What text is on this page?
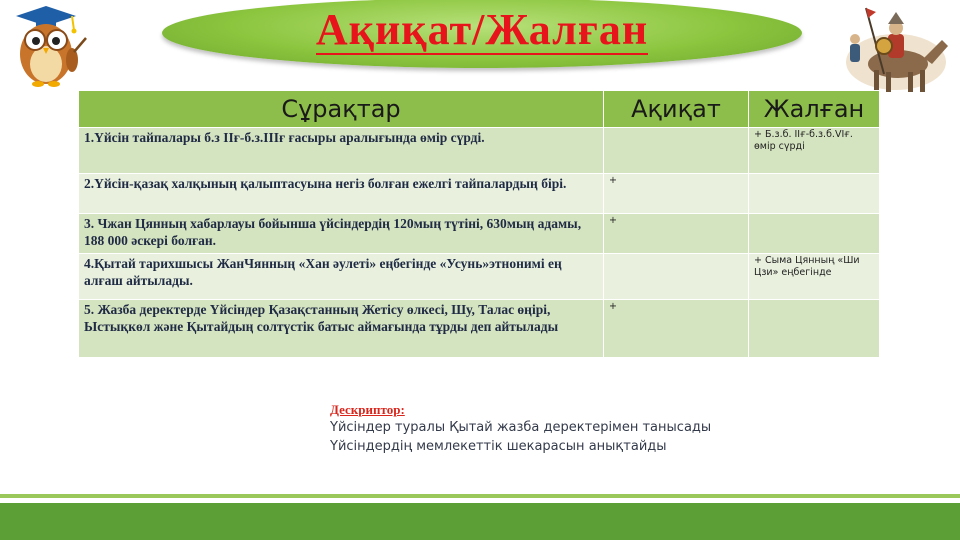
Ақиқат/Жалған
Сұрақтар	Ақиқат	Жалған
1.Үйсін тайпалары б.з IIғ-б.з.IIIғ ғасыры аралығында өмір сүрді.		+ Б.з.б. IIғ-б.з.б.VIғ. өмір сүрді
2.Үйсін-қазақ халқының қалыптасуына негіз болған ежелгі тайпалардың бірі.	+	
3. Чжан Цянның хабарлауы бойынша үйсіндердің 120мың түтіні, 630мың адамы, 188 000 әскері болған.	+	
4.Қытай тарихшысы ЖанЧянның «Хан әулеті» еңбегінде «Усунь»этнонимі ең алғаш айтылады.		+ Сыма Цянның «Ши Цзи» еңбегінде
5. Жазба деректерде Үйсіндер Қазақстанның Жетісу өлкесі, Шу, Талас өңірі, Ыстықкөл және Қытайдың солтүстік батыс аймағында тұрды деп айтылады	+	
Дескриптор:
Үйсіндер туралы Қытай жазба деректерімен танысады
Үйсіндердің мемлекеттік шекарасын анықтайды
